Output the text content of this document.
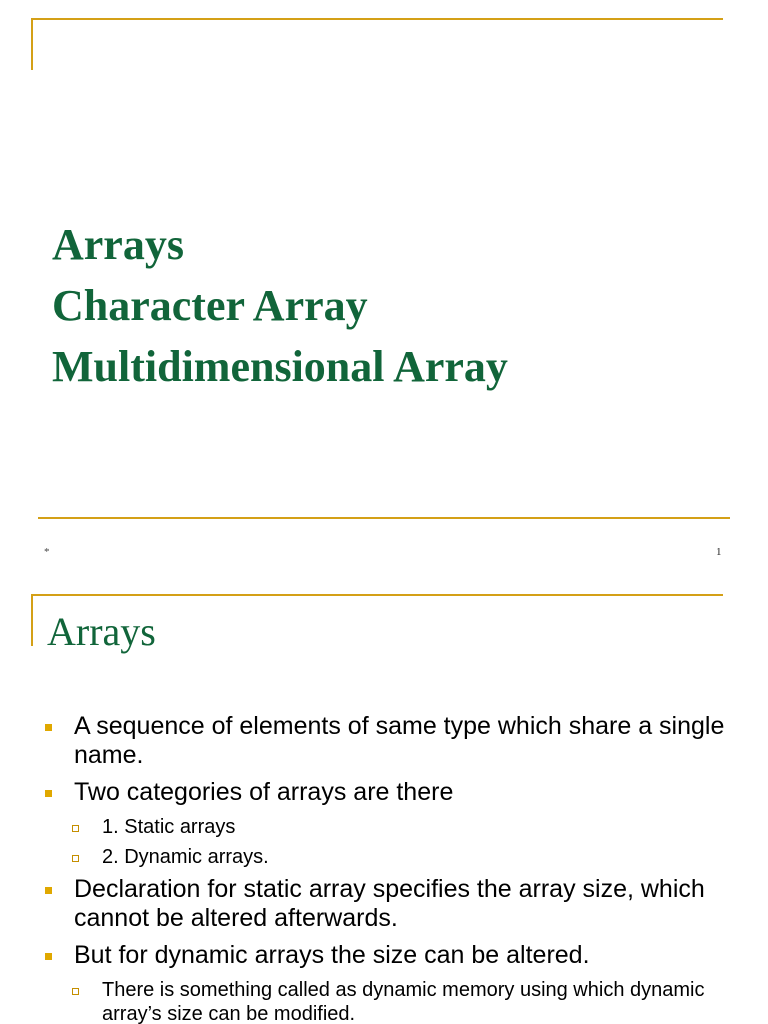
Arrays
Character Array
Multidimensional Array
*	1
Arrays
A sequence of elements of same type which share a single name.
Two categories of arrays are there
1. Static arrays
2. Dynamic arrays.
Declaration for static array specifies the array size, which cannot be altered afterwards.
But for dynamic arrays the size can be altered.
There is something called as dynamic memory using which dynamic array’s size can be modified.
